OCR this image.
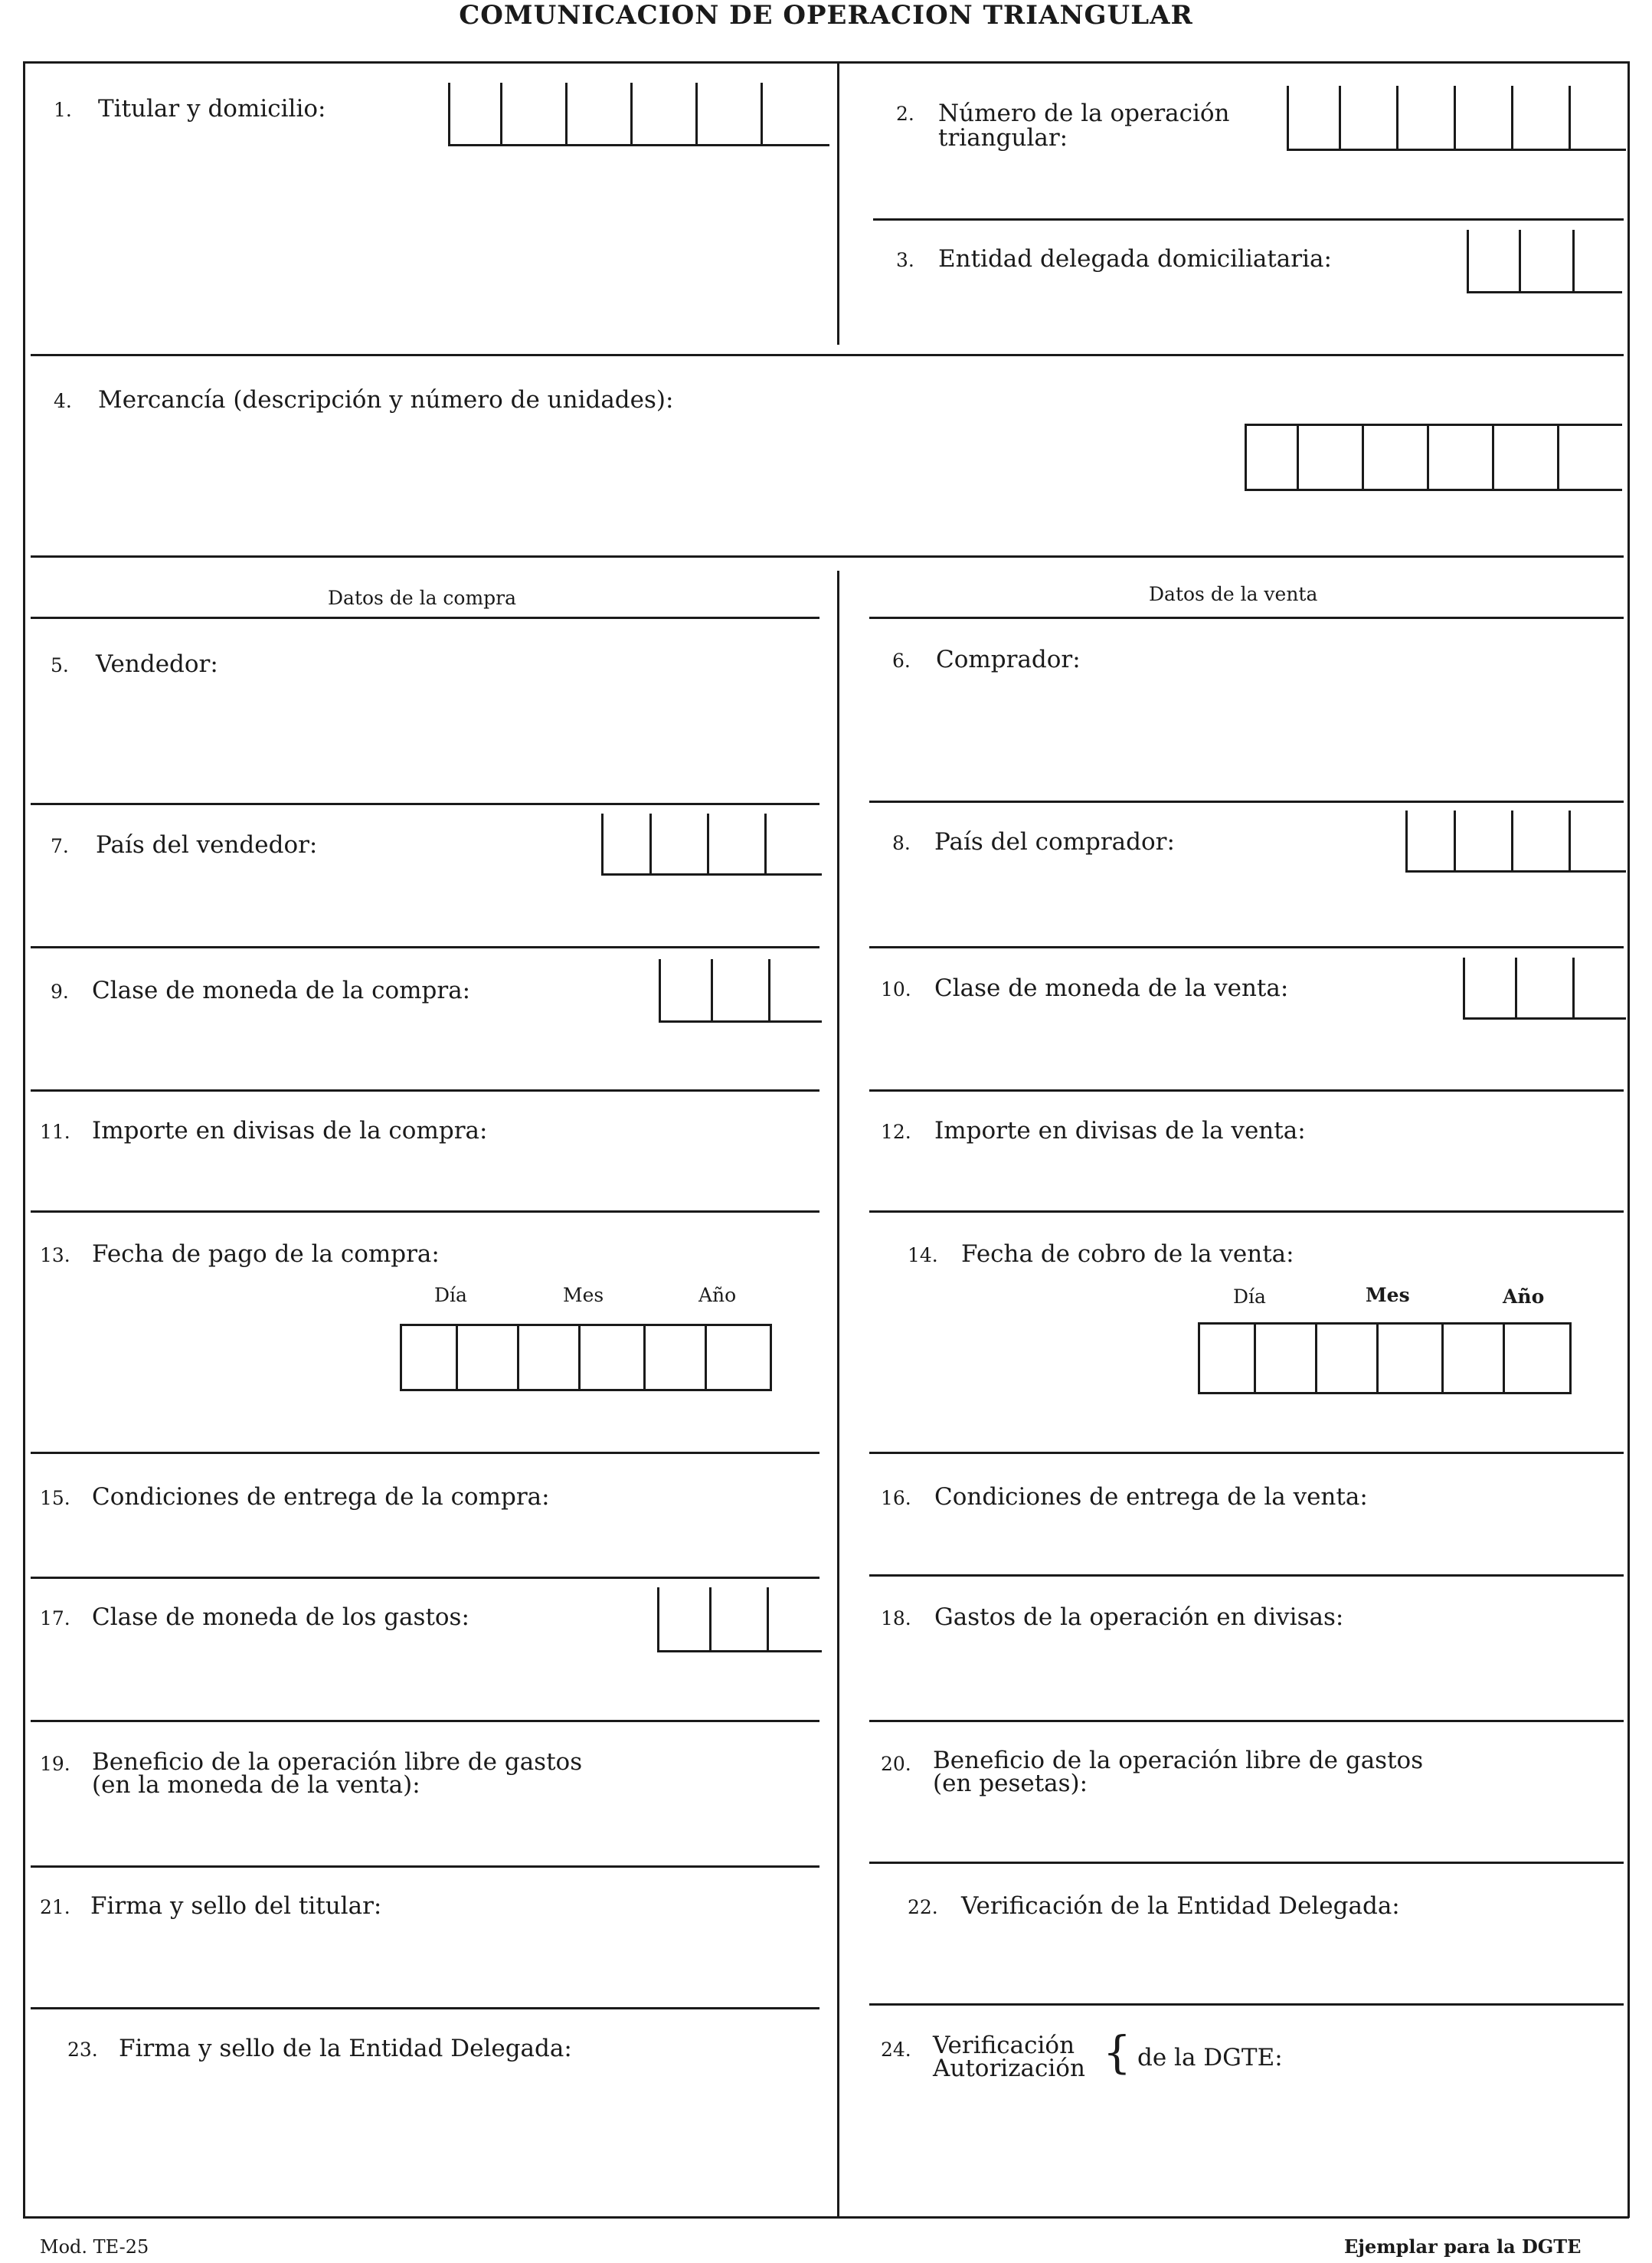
COMUNICACION DE OPERACION TRIANGULAR
1. Titular y domicilio:	2. Número de la operación
triangular:
3. Entidad delegada domiciliataria:
4. Mercancía (descripción y número de unidades):
Datos de la compra	Datos de la venta
5. Vendedor:	6. Comprador:
7. País del vendedor:	8. País del comprador:
9. Clase de moneda de la compra:	10. Clase de moneda de la venta:
11. Importe en divisas de la compra:	12. Importe en divisas de la venta:
13. Fecha de pago de la compra:
Día	Mes	Año
14. Fecha de cobro de la venta:
Día	Mes	Año
15. Condiciones de entrega de la compra:	16. Condiciones de entrega de la venta:
17. Clase de moneda de los gastos:	18. Gastos de la operación en divisas:
19. Beneficio de la operación libre de gastos
(en la moneda de la venta):
20. Beneficio de la operación libre de gastos
(en pesetas):
21. Firma y sello del titular:	22. Verificación de la Entidad Delegada:
23. Firma y sello de la Entidad Delegada:	24. Verificación
Autorización { de la DGTE:
Mod. TE-25	Ejemplar para la DGTE
